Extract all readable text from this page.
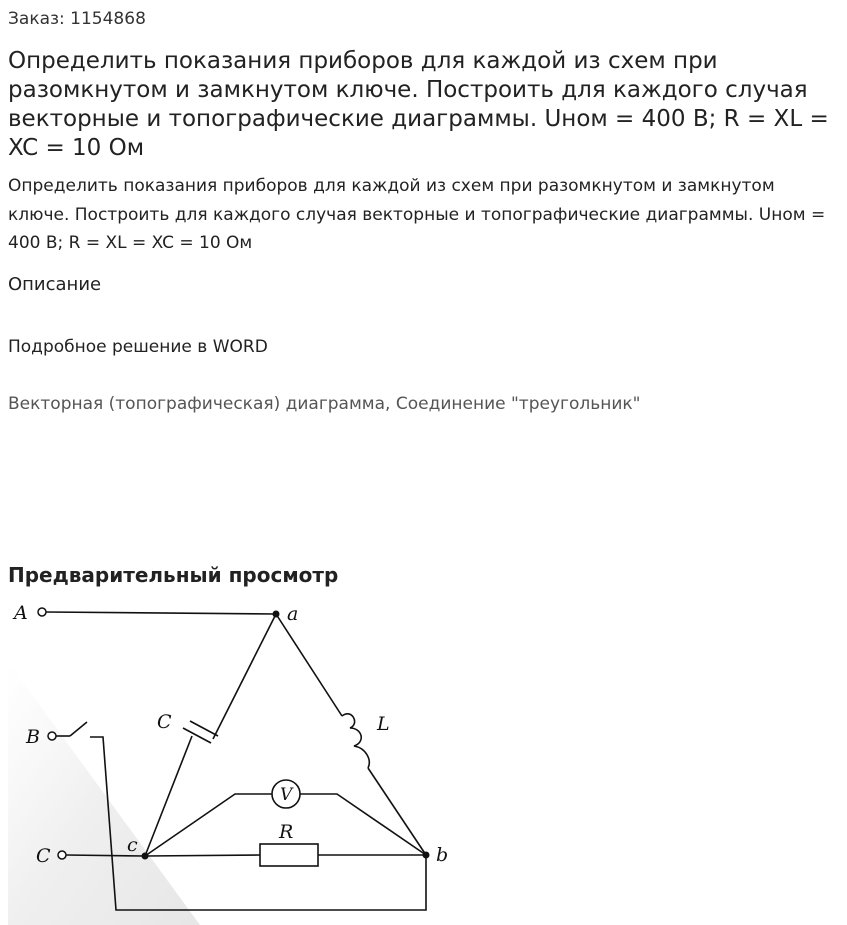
Заказ: 1154868
Определить показания приборов для каждой из схем при разомкнутом и замкнутом ключе. Построить для каждого случая векторные и топографические диаграммы. Uном = 400 В; R = XL = XC = 10 Ом
Определить показания приборов для каждой из схем при разомкнутом и замкнутом ключе. Построить для каждого случая векторные и топографические диаграммы. Uном = 400 В; R = XL = XC = 10 Ом
Описание
Подробное решение в WORD
Векторная (топографическая) диаграмма, Соединение "треугольник"
Предварительный просмотр
A
B
C
a
b
c
C	L
R
V
